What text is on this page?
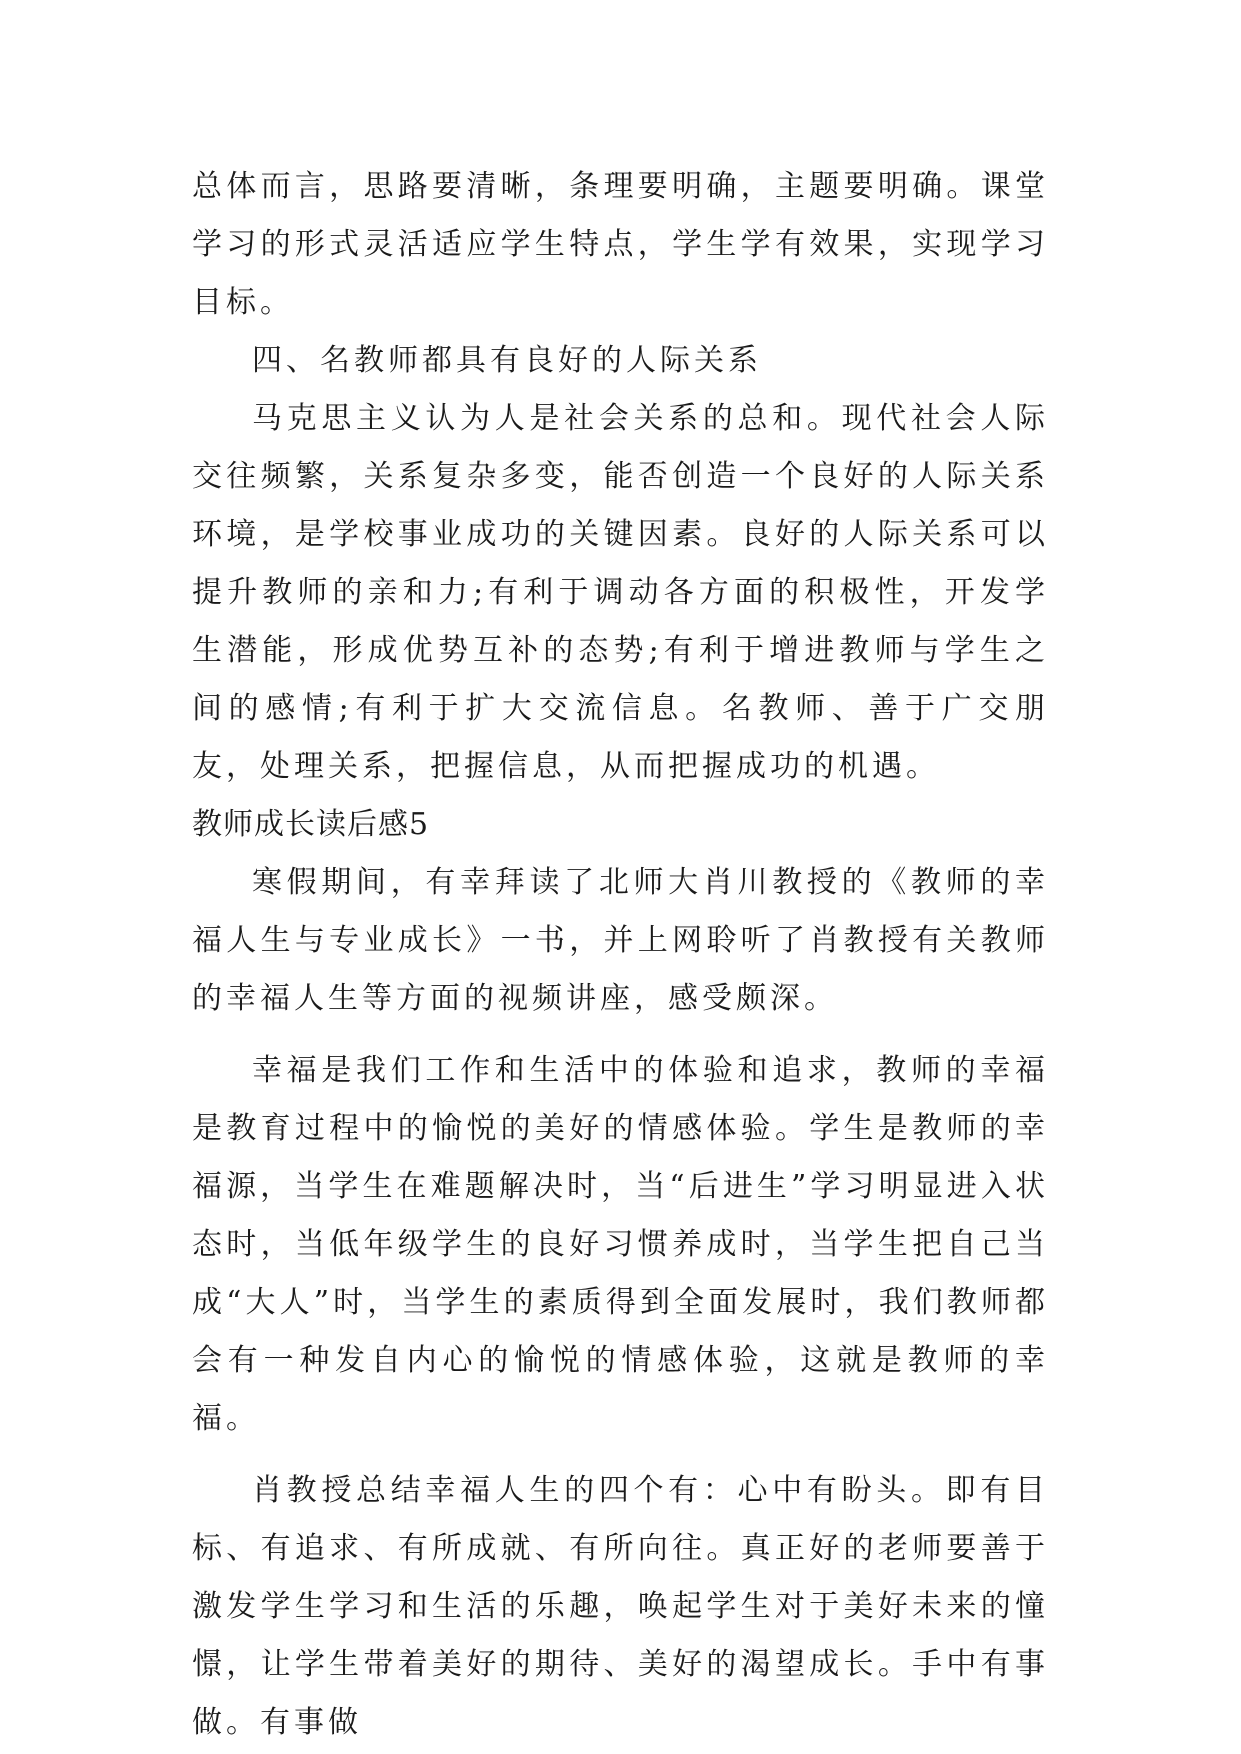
总体而言，思路要清晰，条理要明确，主题要明确。课堂学习的形式灵活适应学生特点，学生学有效果，实现学习目标。

四、名教师都具有良好的人际关系

马克思主义认为人是社会关系的总和。现代社会人际交往频繁，关系复杂多变，能否创造一个良好的人际关系环境，是学校事业成功的关键因素。良好的人际关系可以提升教师的亲和力;有利于调动各方面的积极性，开发学生潜能，形成优势互补的态势;有利于增进教师与学生之间的感情;有利于扩大交流信息。名教师、善于广交朋友，处理关系，把握信息，从而把握成功的机遇。

教师成长读后感5

寒假期间，有幸拜读了北师大肖川教授的《教师的幸福人生与专业成长》一书，并上网聆听了肖教授有关教师的幸福人生等方面的视频讲座，感受颇深。

幸福是我们工作和生活中的体验和追求，教师的幸福是教育过程中的愉悦的美好的情感体验。学生是教师的幸福源，当学生在难题解决时，当“后进生”学习明显进入状态时，当低年级学生的良好习惯养成时，当学生把自己当成“大人”时，当学生的素质得到全面发展时，我们教师都会有一种发自内心的愉悦的情感体验，这就是教师的幸福。

肖教授总结幸福人生的四个有：心中有盼头。即有目标、有追求、有所成就、有所向往。真正好的老师要善于激发学生学习和生活的乐趣，唤起学生对于美好未来的憧憬，让学生带着美好的期待、美好的渴望成长。手中有事做。有事做
